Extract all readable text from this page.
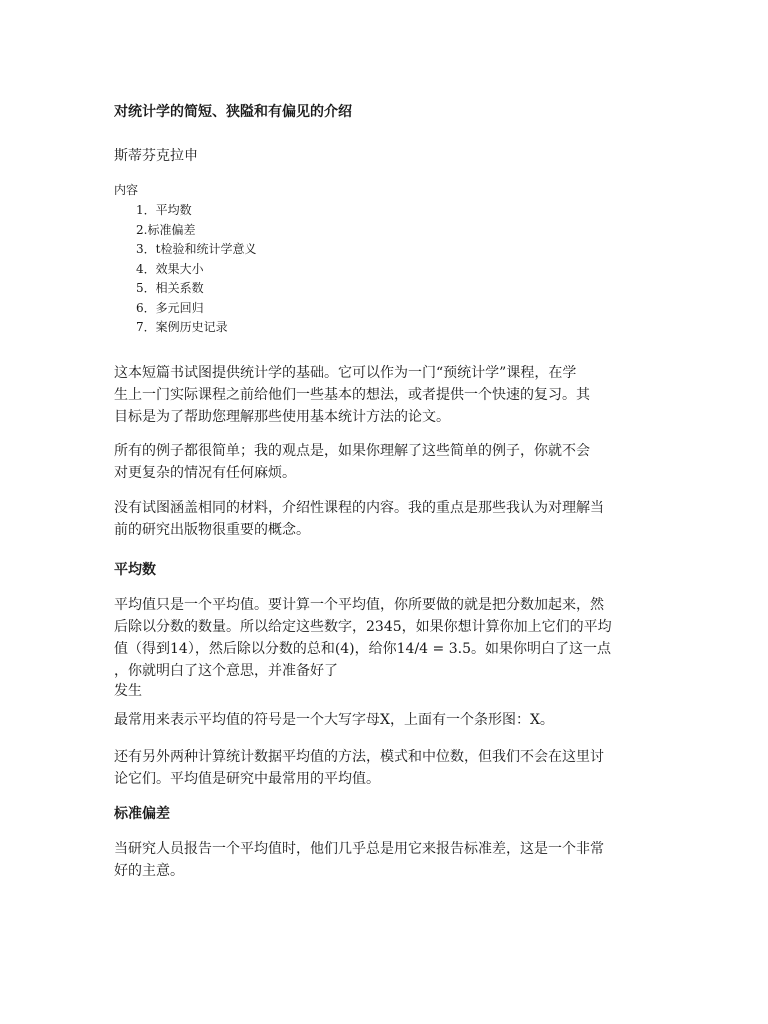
对统计学的简短、狭隘和有偏见的介绍
斯蒂芬克拉申
内容
1．平均数
2.标准偏差
3．t检验和统计学意义
4．效果大小
5．相关系数
6．多元回归
7．案例历史记录

这本短篇书试图提供统计学的基础。它可以作为一门“预统计学”课程，在学
生上一门实际课程之前给他们一些基本的想法，或者提供一个快速的复习。其
目标是为了帮助您理解那些使用基本统计方法的论文。

所有的例子都很简单；我的观点是，如果你理解了这些简单的例子，你就不会
对更复杂的情况有任何麻烦。

没有试图涵盖相同的材料，介绍性课程的内容。我的重点是那些我认为对理解当
前的研究出版物很重要的概念。

平均数

平均值只是一个平均值。要计算一个平均值，你所要做的就是把分数加起来，然
后除以分数的数量。所以给定这些数字，2345，如果你想计算你加上它们的平均
值（得到14），然后除以分数的总和(4)，给你14/4 = 3.5。如果你明白了这一点
，你就明白了这个意思，并准备好了
发生

最常用来表示平均值的符号是一个大写字母X，上面有一个条形图：X。

还有另外两种计算统计数据平均值的方法，模式和中位数，但我们不会在这里讨
论它们。平均值是研究中最常用的平均值。

标准偏差

当研究人员报告一个平均值时，他们几乎总是用它来报告标准差，这是一个非常
好的主意。
